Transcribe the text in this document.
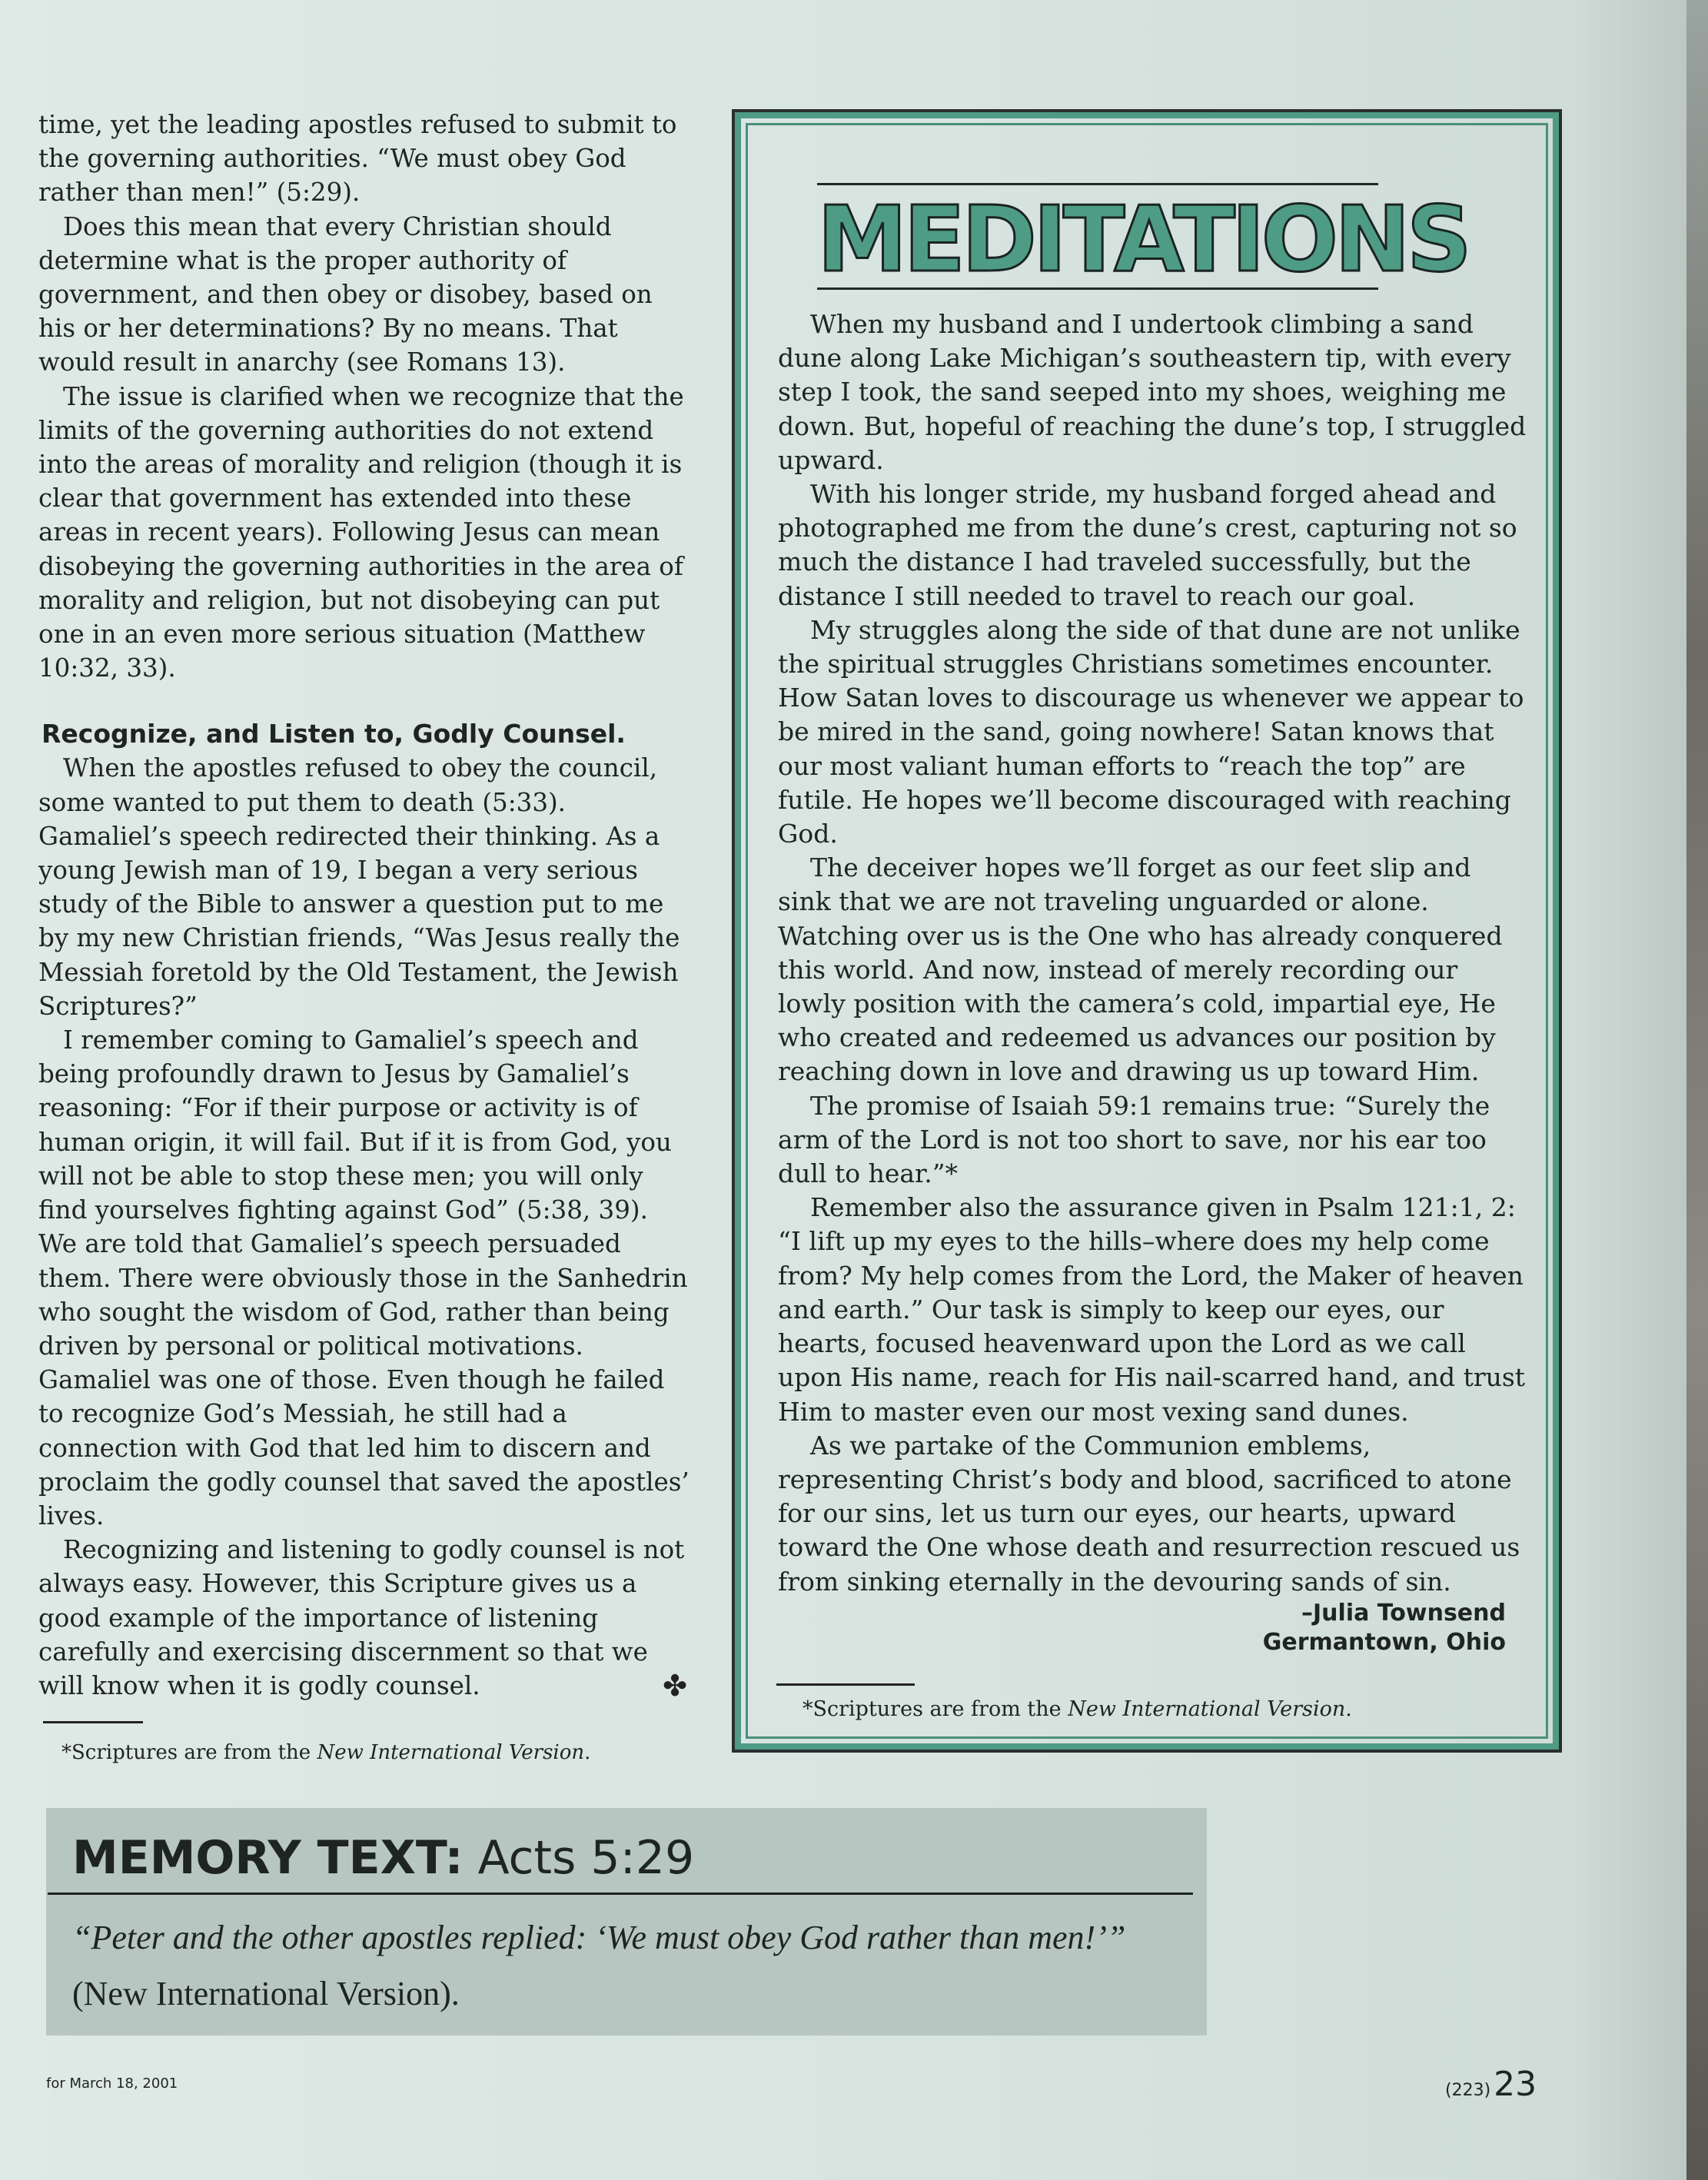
time, yet the leading apostles refused to submit to the governing authorities. “We must obey God rather than men!” (5:29).

Does this mean that every Christian should determine what is the proper authority of government, and then obey or disobey, based on his or her determinations? By no means. That would result in anarchy (see Romans 13).

The issue is clarified when we recognize that the limits of the governing authorities do not extend into the areas of morality and religion (though it is clear that government has extended into these areas in recent years). Following Jesus can mean disobeying the governing authorities in the area of morality and religion, but not disobeying can put one in an even more serious situation (Matthew 10:32, 33).

Recognize, and Listen to, Godly Counsel.

When the apostles refused to obey the council, some wanted to put them to death (5:33). Gamaliel’s speech redirected their thinking. As a young Jewish man of 19, I began a very serious study of the Bible to answer a question put to me by my new Christian friends, “Was Jesus really the Messiah foretold by the Old Testament, the Jewish Scriptures?”

I remember coming to Gamaliel’s speech and being profoundly drawn to Jesus by Gamaliel’s reasoning: “For if their purpose or activity is of human origin, it will fail. But if it is from God, you will not be able to stop these men; you will only find yourselves fighting against God” (5:38, 39). We are told that Gamaliel’s speech persuaded them. There were obviously those in the Sanhedrin who sought the wisdom of God, rather than being driven by personal or political motivations. Gamaliel was one of those. Even though he failed to recognize God’s Messiah, he still had a connection with God that led him to discern and proclaim the godly counsel that saved the apostles’ lives.

Recognizing and listening to godly counsel is not always easy. However, this Scripture gives us a good example of the importance of listening carefully and exercising discernment so that we will know when it is godly counsel.	✤

*Scriptures are from the New International Version.
MEDITATIONS

When my husband and I undertook climbing a sand dune along Lake Michigan’s southeastern tip, with every step I took, the sand seeped into my shoes, weighing me down. But, hopeful of reaching the dune’s top, I struggled upward.

With his longer stride, my husband forged ahead and photographed me from the dune’s crest, capturing not so much the distance I had traveled successfully, but the distance I still needed to travel to reach our goal.

My struggles along the side of that dune are not unlike the spiritual struggles Christians sometimes encounter. How Satan loves to discourage us whenever we appear to be mired in the sand, going nowhere! Satan knows that our most valiant human efforts to “reach the top” are futile. He hopes we’ll become discouraged with reaching God.

The deceiver hopes we’ll forget as our feet slip and sink that we are not traveling unguarded or alone. Watching over us is the One who has already conquered this world. And now, instead of merely recording our lowly position with the camera’s cold, impartial eye, He who created and redeemed us advances our position by reaching down in love and drawing us up toward Him.

The promise of Isaiah 59:1 remains true: “Surely the arm of the Lord is not too short to save, nor his ear too dull to hear.”*

Remember also the assurance given in Psalm 121:1, 2: “I lift up my eyes to the hills–where does my help come from? My help comes from the Lord, the Maker of heaven and earth.” Our task is simply to keep our eyes, our hearts, focused heavenward upon the Lord as we call upon His name, reach for His nail-scarred hand, and trust Him to master even our most vexing sand dunes.

As we partake of the Communion emblems, representing Christ’s body and blood, sacrificed to atone for our sins, let us turn our eyes, our hearts, upward toward the One whose death and resurrection rescued us from sinking eternally in the devouring sands of sin.

–Julia Townsend
Germantown, Ohio
*Scriptures are from the New International Version.
MEMORY TEXT: Acts 5:29
“Peter and the other apostles replied: ‘We must obey God rather than men!’” (New International Version).
for March 18, 2001	(223)23
